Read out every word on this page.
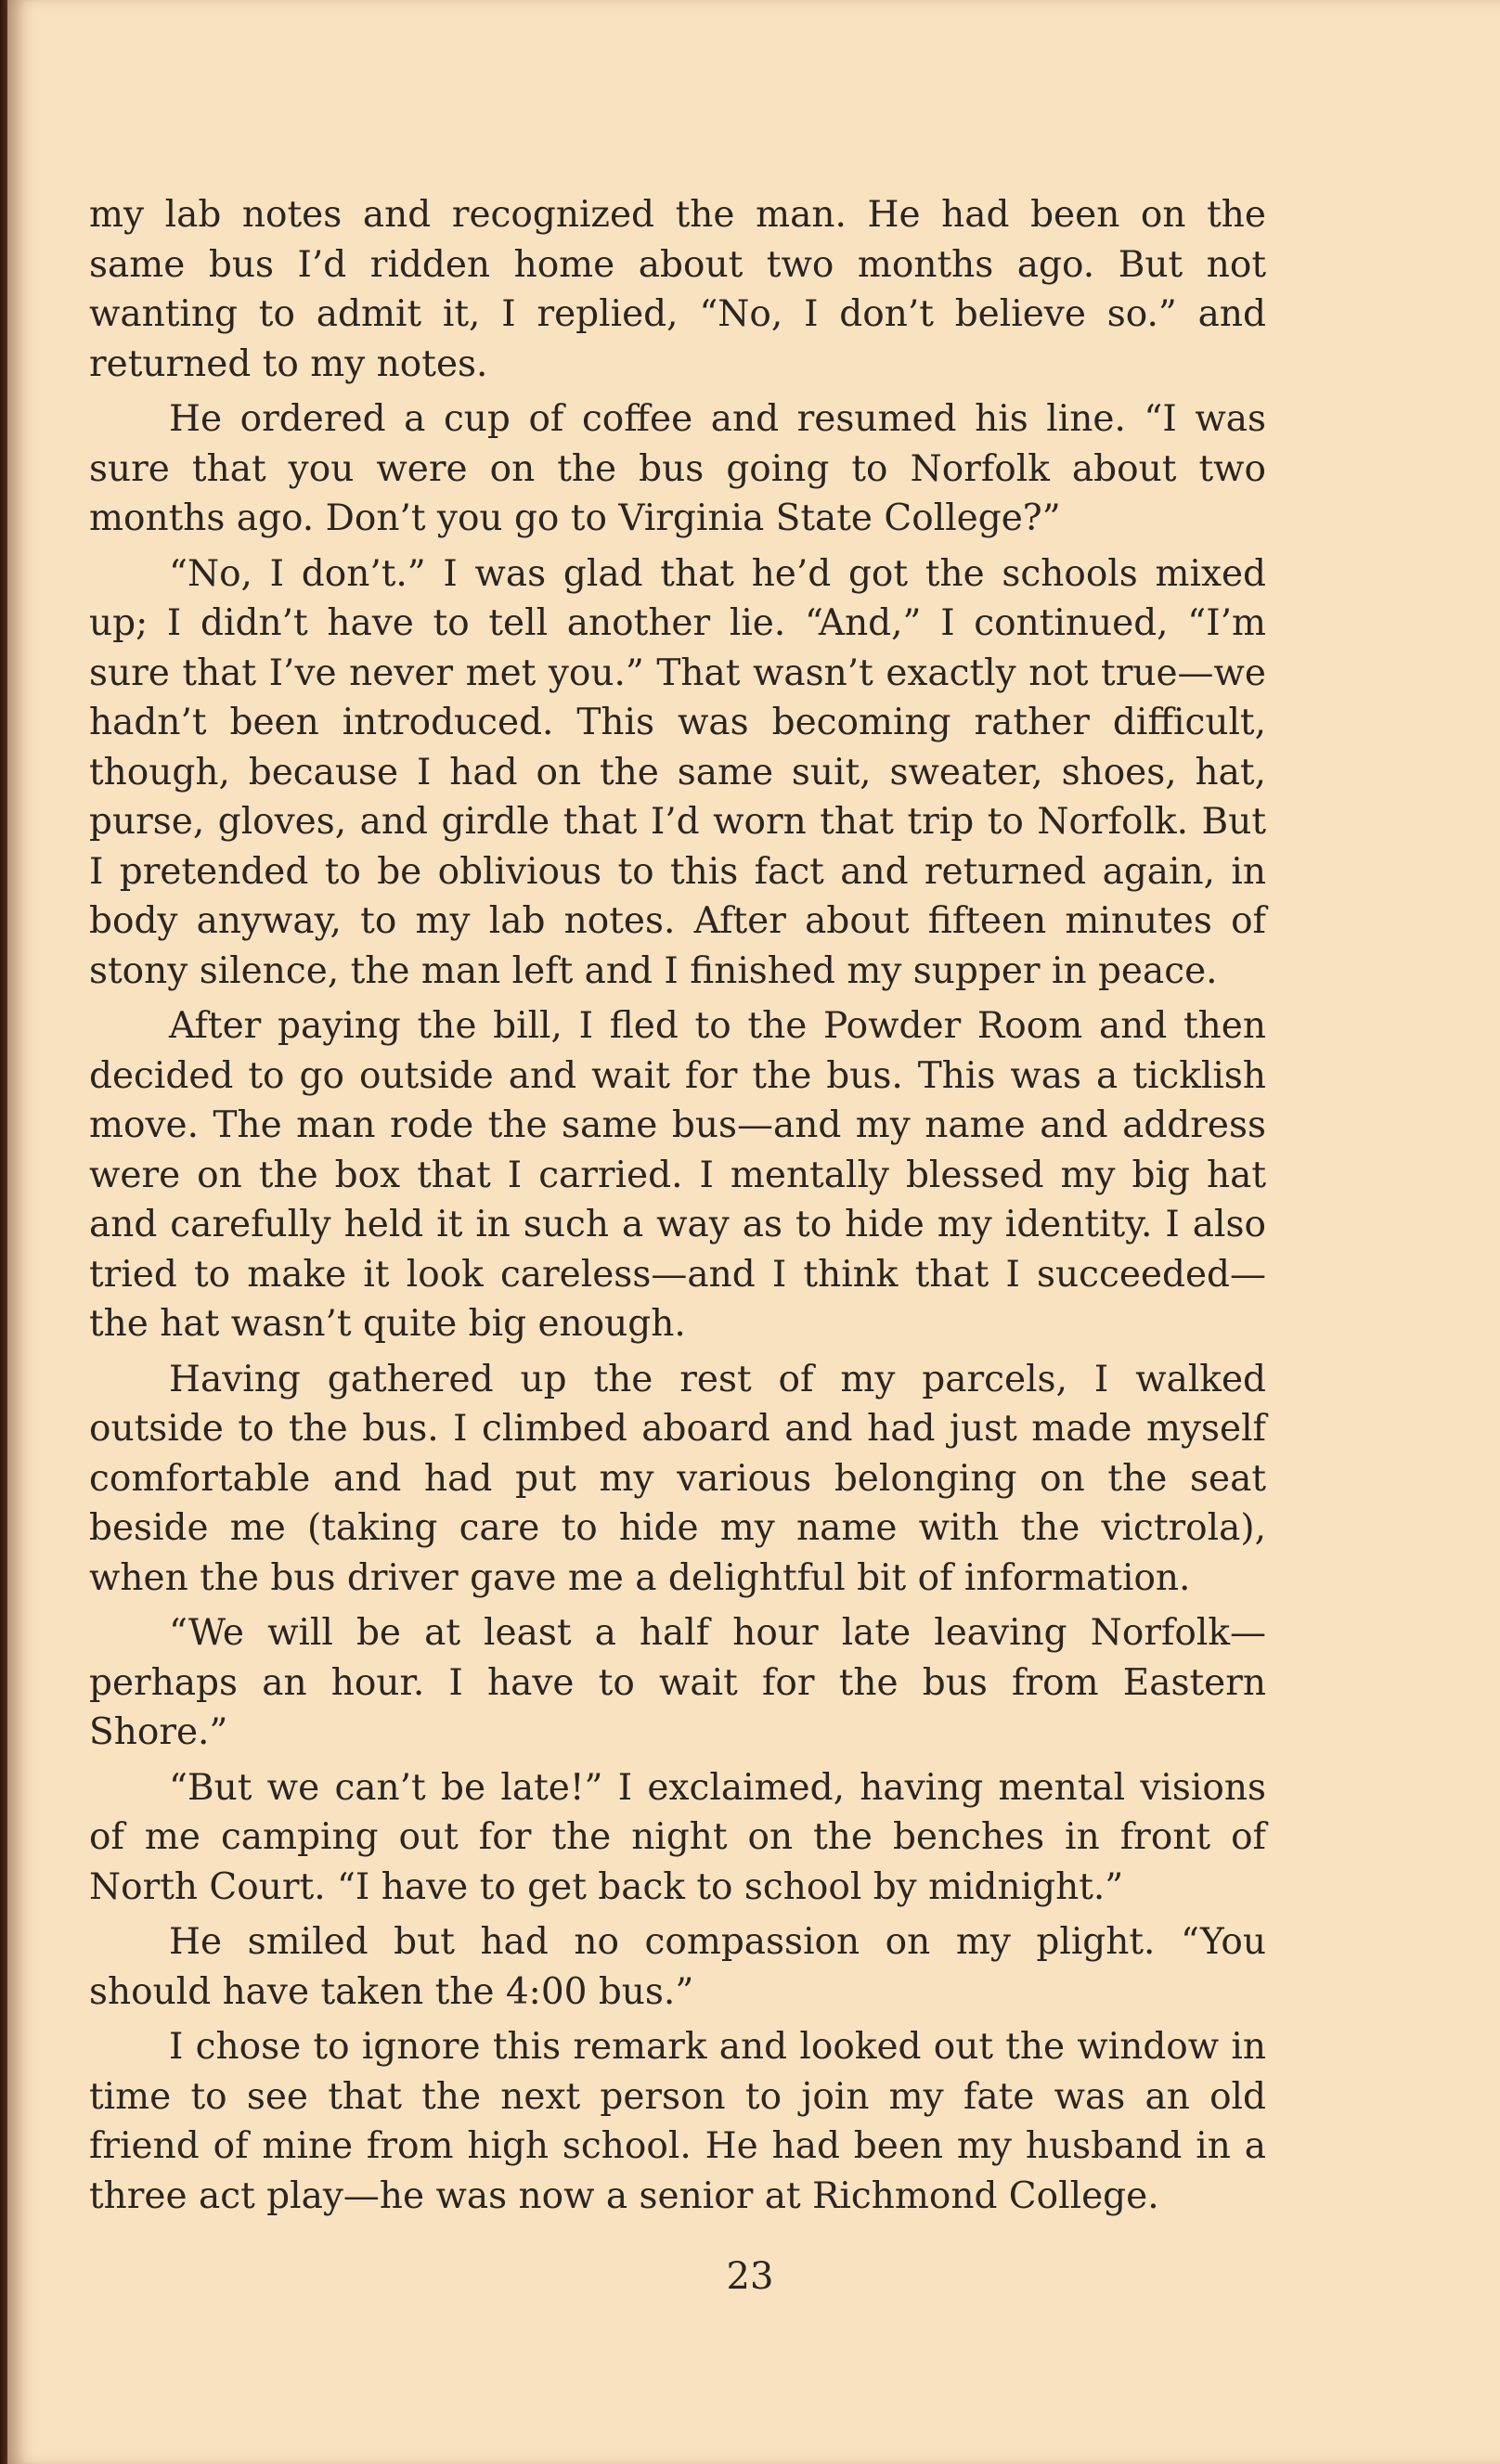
my lab notes and recognized the man. He had been on the same bus I’d ridden home about two months ago. But not wanting to admit it, I replied, “No, I don’t believe so.” and returned to my notes.

He ordered a cup of coffee and resumed his line. “I was sure that you were on the bus going to Norfolk about two months ago. Don’t you go to Virginia State College?”

“No, I don’t.” I was glad that he’d got the schools mixed up; I didn’t have to tell another lie. “And,” I continued, “I’m sure that I’ve never met you.” That wasn’t exactly not true—we hadn’t been introduced. This was becoming rather difficult, though, because I had on the same suit, sweater, shoes, hat, purse, gloves, and girdle that I’d worn that trip to Norfolk. But I pretended to be oblivious to this fact and returned again, in body anyway, to my lab notes. After about fifteen minutes of stony silence, the man left and I finished my supper in peace.

After paying the bill, I fled to the Powder Room and then decided to go outside and wait for the bus. This was a ticklish move. The man rode the same bus—and my name and address were on the box that I carried. I mentally blessed my big hat and carefully held it in such a way as to hide my identity. I also tried to make it look careless—and I think that I succeeded—the hat wasn’t quite big enough.

Having gathered up the rest of my parcels, I walked outside to the bus. I climbed aboard and had just made myself comfortable and had put my various belonging on the seat beside me (taking care to hide my name with the victrola), when the bus driver gave me a delightful bit of information.

“We will be at least a half hour late leaving Norfolk—perhaps an hour. I have to wait for the bus from Eastern Shore.”

“But we can’t be late!” I exclaimed, having mental visions of me camping out for the night on the benches in front of North Court. “I have to get back to school by midnight.”

He smiled but had no compassion on my plight. “You should have taken the 4:00 bus.”

I chose to ignore this remark and looked out the window in time to see that the next person to join my fate was an old friend of mine from high school. He had been my husband in a three act play—he was now a senior at Richmond College.

23
